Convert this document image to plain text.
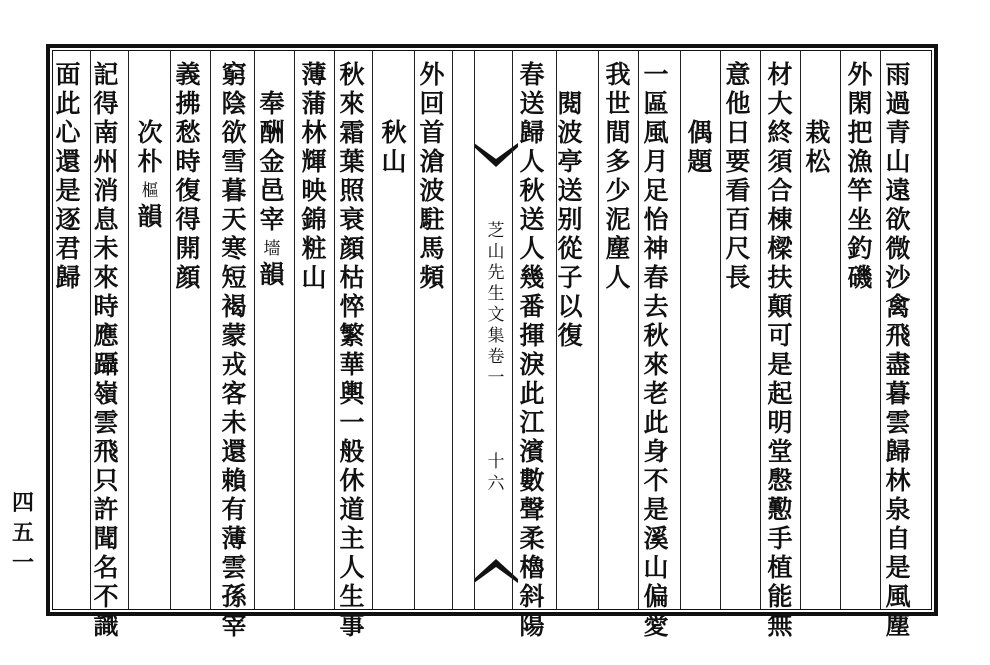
芝
山
先
生
文
集
卷
一
十
六
雨
過
青
山
遠
欲
微
沙
禽
飛
盡
暮
雲
歸
林
泉
自
是
風
塵
外
閑
把
漁
竿
坐
釣
磯
栽
松
材
大
終
須
合
棟
樑
扶
顛
可
是
起
明
堂
慇
懃
手
植
能
無
意
他
日
要
看
百
尺
長
偶
題
一
區
風
月
足
怡
神
春
去
秋
來
老
此
身
不
是
溪
山
偏
愛
我
世
間
多
少
泥
塵
人
閱
波
亭
送
别
從
子
以
復
春
送
歸
人
秋
送
人
幾
番
揮
淚
此
江
濱
數
聲
柔
櫓
斜
陽
外
回
首
滄
波
駐
馬
頻
秋
山
秋
來
霜
葉
照
衰
顔
枯
悴
繁
華
輿
一
般
休
道
主
人
生
事
薄
蒲
林
輝
映
錦
粧
山
奉
酬
金
邑
宰
墻
韻
窮
陰
欲
雪
暮
天
寒
短
褐
蒙
戎
客
未
還
賴
有
薄
雲
孫
宰
義
拂
愁
時
復
得
開
顔
次
朴
樞
韻
記
得
南
州
消
息
未
來
時
應
躡
嶺
雲
飛
只
許
聞
名
不
識
面
此
心
還
是
逐
君
歸
四
五
一
